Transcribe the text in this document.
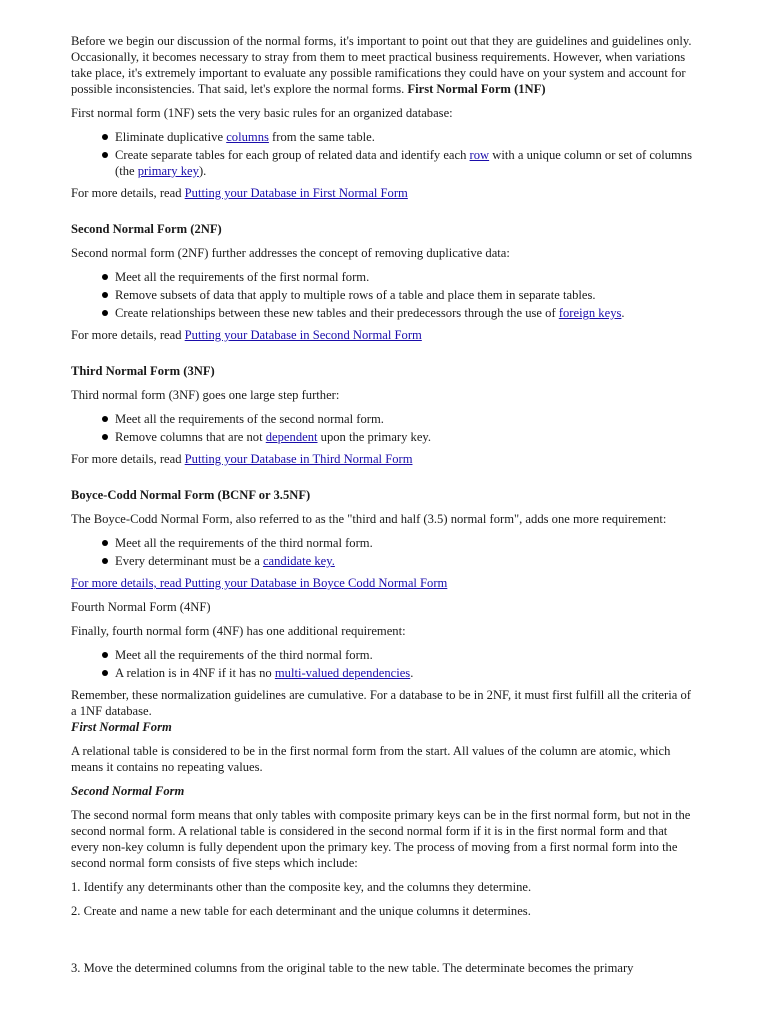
Before we begin our discussion of the normal forms, it's important to point out that they are guidelines and guidelines only. Occasionally, it becomes necessary to stray from them to meet practical business requirements. However, when variations take place, it's extremely important to evaluate any possible ramifications they could have on your system and account for possible inconsistencies. That said, let's explore the normal forms. First Normal Form (1NF)

First normal form (1NF) sets the very basic rules for an organized database:

Eliminate duplicative columns from the same table.
Create separate tables for each group of related data and identify each row with a unique column or set of columns (the primary key).

For more details, read Putting your Database in First Normal Form

Second Normal Form (2NF)

Second normal form (2NF) further addresses the concept of removing duplicative data:

Meet all the requirements of the first normal form.
Remove subsets of data that apply to multiple rows of a table and place them in separate tables.
Create relationships between these new tables and their predecessors through the use of foreign keys.

For more details, read Putting your Database in Second Normal Form

Third Normal Form (3NF)

Third normal form (3NF) goes one large step further:

Meet all the requirements of the second normal form.
Remove columns that are not dependent upon the primary key.

For more details, read Putting your Database in Third Normal Form

Boyce-Codd Normal Form (BCNF or 3.5NF)

The Boyce-Codd Normal Form, also referred to as the "third and half (3.5) normal form", adds one more requirement:

Meet all the requirements of the third normal form.
Every determinant must be a candidate key.

For more details, read Putting your Database in Boyce Codd Normal Form

Fourth Normal Form (4NF)

Finally, fourth normal form (4NF) has one additional requirement:

Meet all the requirements of the third normal form.
A relation is in 4NF if it has no multi-valued dependencies.

Remember, these normalization guidelines are cumulative. For a database to be in 2NF, it must first fulfill all the criteria of a 1NF database.

First Normal Form

A relational table is considered to be in the first normal form from the start. All values of the column are atomic, which means it contains no repeating values.

Second Normal Form

The second normal form means that only tables with composite primary keys can be in the first normal form, but not in the second normal form. A relational table is considered in the second normal form if it is in the first normal form and that every non-key column is fully dependent upon the primary key. The process of moving from a first normal form into the second normal form consists of five steps which include:

1. Identify any determinants other than the composite key, and the columns they determine.

2. Create and name a new table for each determinant and the unique columns it determines.

3. Move the determined columns from the original table to the new table. The determinate becomes the primary
